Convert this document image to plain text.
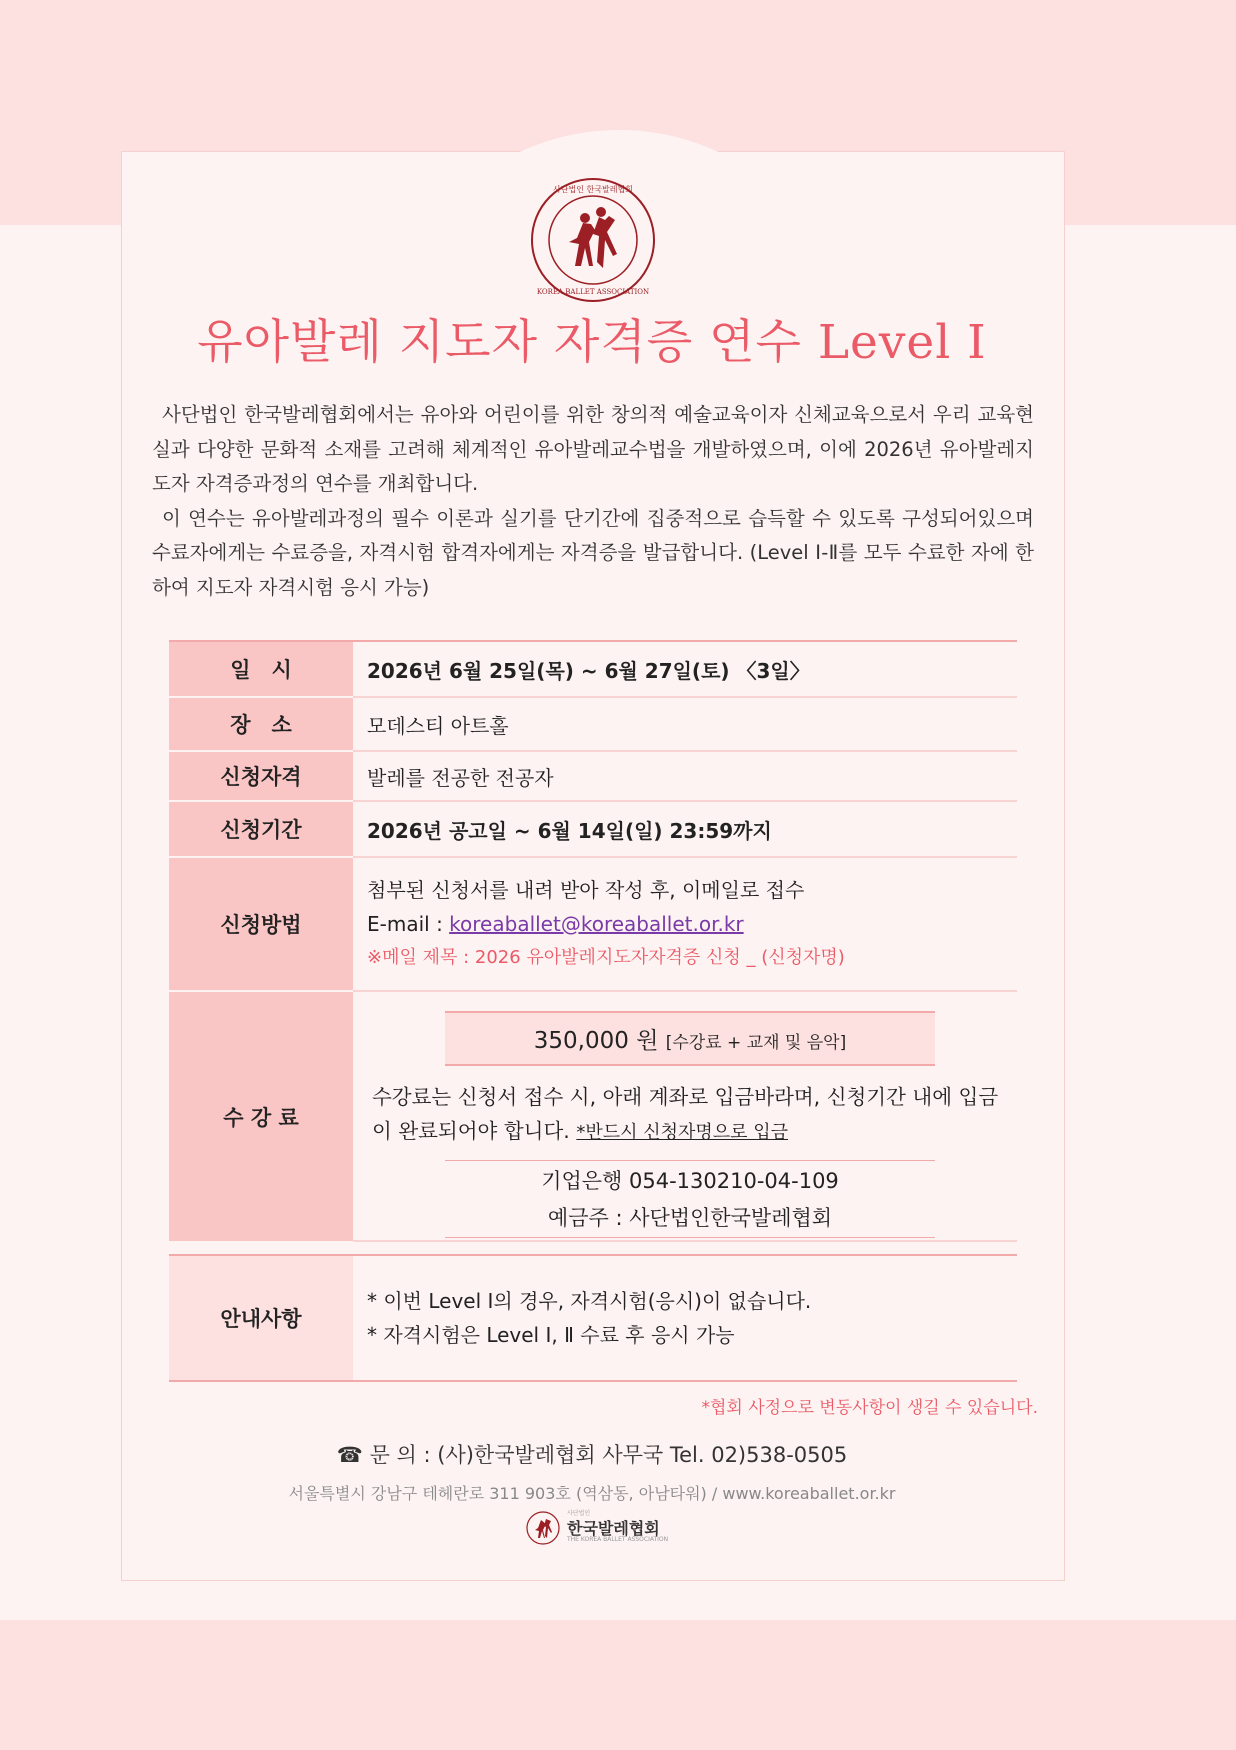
사단법인 한국발레협회
KOREA BALLET ASSOCIATION
유아발레 지도자 자격증 연수 Level Ⅰ

사단법인 한국발레협회에서는 유아와 어린이를 위한 창의적 예술교육이자 신체교육으로서 우리 교육현실과 다양한 문화적 소재를 고려해 체계적인 유아발레교수법을 개발하였으며, 이에 2026년 유아발레지도자 자격증과정의 연수를 개최합니다.

이 연수는 유아발레과정의 필수 이론과 실기를 단기간에 집중적으로 습득할 수 있도록 구성되어있으며 수료자에게는 수료증을, 자격시험 합격자에게는 자격증을 발급합니다. (Level Ⅰ-Ⅱ를 모두 수료한 자에 한하여 지도자 자격시험 응시 가능)

일　시	2026년 6월 25일(목) ~ 6월 27일(토) 〈3일〉
장　소	모데스티 아트홀
신청자격	발레를 전공한 전공자
신청기간	2026년 공고일 ~ 6월 14일(일) 23:59까지
신청방법	첨부된 신청서를 내려 받아 작성 후, 이메일로 접수
E-mail : koreaballet@koreaballet.or.kr
※메일 제목 : 2026 유아발레지도자자격증 신청 _ (신청자명)

수 강 료	350,000 원 [수강료 + 교재 및 음악]
수강료는 신청서 접수 시, 아래 계좌로 입금바라며, 신청기간 내에 입금이 완료되어야 합니다. *반드시 신청자명으로 입금
기업은행 054-130210-04-109
예금주 : 사단법인한국발레협회

안내사항	* 이번 Level Ⅰ의 경우, 자격시험(응시)이 없습니다.
* 자격시험은 Level Ⅰ, Ⅱ 수료 후 응시 가능
*협회 사정으로 변동사항이 생길 수 있습니다.
☎ 문 의 : (사)한국발레협회 사무국 Tel. 02)538-0505
서울특별시 강남구 테헤란로 311 903호 (역삼동, 아남타워) / www.koreaballet.or.kr
사단법인
한국발레협회
THE KOREA BALLET ASSOCIATION
